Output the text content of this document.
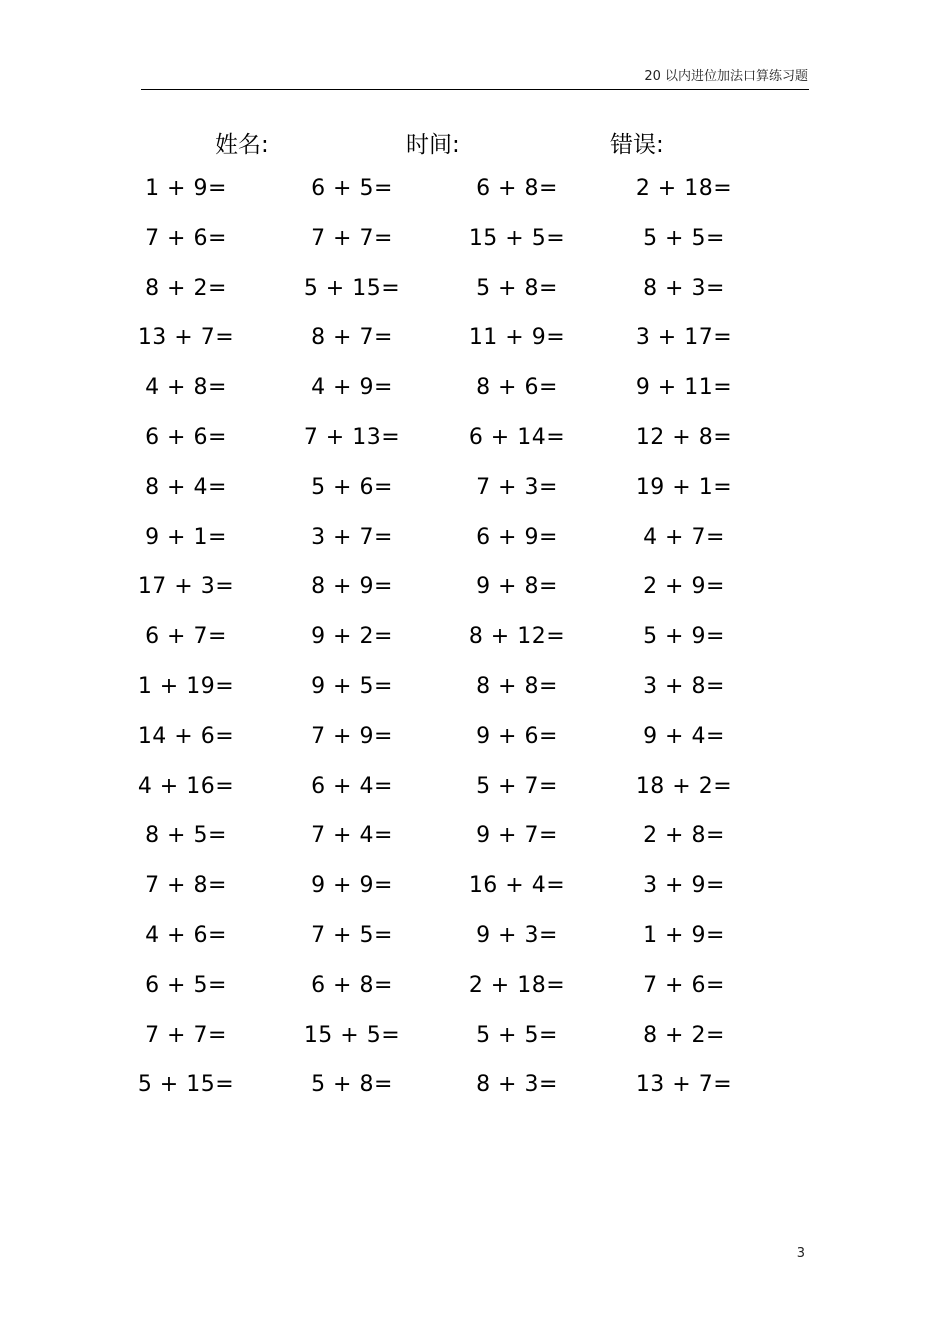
20 以内进位加法口算练习题
姓名:	时间:	错误:
1 + 9=	6 + 5=	6 + 8=	2 + 18=
7 + 6=	7 + 7=	15 + 5=	5 + 5=
8 + 2=	5 + 15=	5 + 8=	8 + 3=
13 + 7=	8 + 7=	11 + 9=	3 + 17=
4 + 8=	4 + 9=	8 + 6=	9 + 11=
6 + 6=	7 + 13=	6 + 14=	12 + 8=
8 + 4=	5 + 6=	7 + 3=	19 + 1=
9 + 1=	3 + 7=	6 + 9=	4 + 7=
17 + 3=	8 + 9=	9 + 8=	2 + 9=
6 + 7=	9 + 2=	8 + 12=	5 + 9=
1 + 19=	9 + 5=	8 + 8=	3 + 8=
14 + 6=	7 + 9=	9 + 6=	9 + 4=
4 + 16=	6 + 4=	5 + 7=	18 + 2=
8 + 5=	7 + 4=	9 + 7=	2 + 8=
7 + 8=	9 + 9=	16 + 4=	3 + 9=
4 + 6=	7 + 5=	9 + 3=	1 + 9=
6 + 5=	6 + 8=	2 + 18=	7 + 6=
7 + 7=	15 + 5=	5 + 5=	8 + 2=
5 + 15=	5 + 8=	8 + 3=	13 + 7=
3
